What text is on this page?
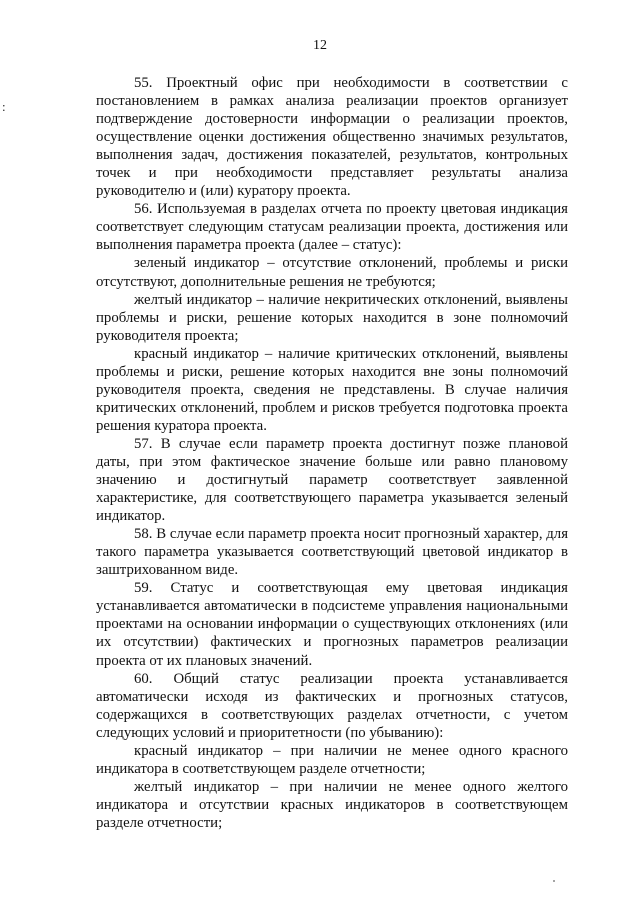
12
:

55. Проектный офис при необходимости в соответствии с постановлением в рамках анализа реализации проектов организует подтверждение достоверности информации о реализации проектов, осуществление оценки достижения общественно значимых результатов, выполнения задач, достижения показателей, результатов, контрольных точек и при необходимости представляет результаты анализа руководителю и (или) куратору проекта.

56. Используемая в разделах отчета по проекту цветовая индикация соответствует следующим статусам реализации проекта, достижения или выполнения параметра проекта (далее – статус):

зеленый индикатор – отсутствие отклонений, проблемы и риски отсутствуют, дополнительные решения не требуются;

желтый индикатор – наличие некритических отклонений, выявлены проблемы и риски, решение которых находится в зоне полномочий руководителя проекта;

красный индикатор – наличие критических отклонений, выявлены проблемы и риски, решение которых находится вне зоны полномочий руководителя проекта, сведения не представлены. В случае наличия критических отклонений, проблем и рисков требуется подготовка проекта решения куратора проекта.

57. В случае если параметр проекта достигнут позже плановой даты, при этом фактическое значение больше или равно плановому значению и достигнутый параметр соответствует заявленной характеристике, для соответствующего параметра указывается зеленый индикатор.

58. В случае если параметр проекта носит прогнозный характер, для такого параметра указывается соответствующий цветовой индикатор в заштрихованном виде.

59. Статус и соответствующая ему цветовая индикация устанавливается автоматически в подсистеме управления национальными проектами на основании информации о существующих отклонениях (или их отсутствии) фактических и прогнозных параметров реализации проекта от их плановых значений.

60. Общий статус реализации проекта устанавливается автоматически исходя из фактических и прогнозных статусов, содержащихся в соответствующих разделах отчетности, с учетом следующих условий и приоритетности (по убыванию):

красный индикатор – при наличии не менее одного красного индикатора в соответствующем разделе отчетности;

желтый индикатор – при наличии не менее одного желтого индикатора и отсутствии красных индикаторов в соответствующем разделе отчетности;
